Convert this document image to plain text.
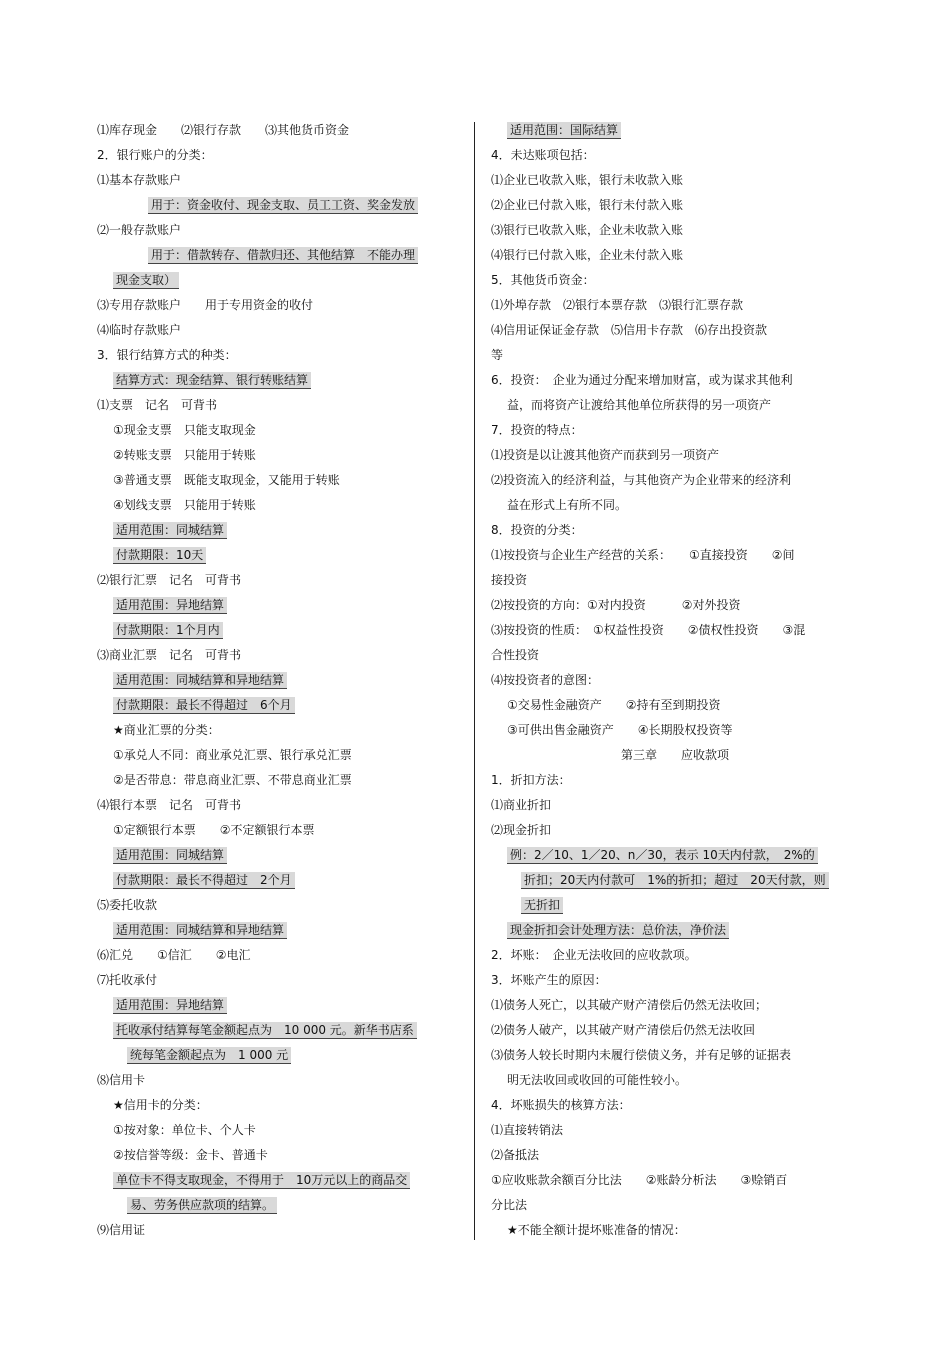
⑴库存现金　　⑵银行存款　　⑶其他货币资金
2．银行账户的分类：
⑴基本存款账户
用于：资金收付、现金支取、员工工资、奖金发放
⑵一般存款账户
用于：借款转存、借款归还、其他结算　不能办理
现金支取）
⑶专用存款账户　　用于专用资金的收付
⑷临时存款账户
3．银行结算方式的种类：
结算方式：现金结算、银行转账结算
⑴支票　记名　可背书
①现金支票　只能支取现金
②转账支票　只能用于转账
③普通支票　既能支取现金，又能用于转账
④划线支票　只能用于转账
适用范围：同城结算
付款期限：10天
⑵银行汇票　记名　可背书
适用范围：异地结算
付款期限：1个月内
⑶商业汇票　记名　可背书
适用范围：同城结算和异地结算
付款期限：最长不得超过　6个月
★商业汇票的分类：
①承兑人不同：商业承兑汇票、银行承兑汇票
②是否带息：带息商业汇票、不带息商业汇票
⑷银行本票　记名　可背书
①定额银行本票　　②不定额银行本票
适用范围：同城结算
付款期限：最长不得超过　2个月
⑸委托收款
适用范围：同城结算和异地结算
⑹汇兑　　①信汇　　②电汇
⑺托收承付
适用范围：异地结算
托收承付结算每笔金额起点为　10 000 元。新华书店系
统每笔金额起点为　1 000 元
⑻信用卡
★信用卡的分类：
①按对象：单位卡、个人卡
②按信誉等级：金卡、普通卡
单位卡不得支取现金，不得用于　10万元以上的商品交
易、劳务供应款项的结算。
⑼信用证
适用范围：国际结算
4．未达账项包括：
⑴企业已收款入账，银行未收款入账
⑵企业已付款入账，银行未付款入账
⑶银行已收款入账，企业未收款入账
⑷银行已付款入账，企业未付款入账
5．其他货币资金：
⑴外埠存款　⑵银行本票存款　⑶银行汇票存款
⑷信用证保证金存款　⑸信用卡存款　⑹存出投资款
等
6．投资：　企业为通过分配来增加财富，或为谋求其他利
益，而将资产让渡给其他单位所获得的另一项资产
7．投资的特点：
⑴投资是以让渡其他资产而获到另一项资产
⑵投资流入的经济利益，与其他资产为企业带来的经济利
益在形式上有所不同。
8．投资的分类：
⑴按投资与企业生产经营的关系：　　①直接投资　　②间
接投资
⑵按投资的方向：①对内投资　　　②对外投资
⑶按投资的性质：　①权益性投资　　②债权性投资　　③混
合性投资
⑷按投资者的意图：
①交易性金融资产　　②持有至到期投资
③可供出售金融资产　　④长期股权投资等
第三章　　应收款项
1．折扣方法：
⑴商业折扣
⑵现金折扣
例：2／10、1／20、n／30，表示 10天内付款，　2%的
折扣；20天内付款可　1%的折扣；超过　20天付款，则
无折扣
现金折扣会计处理方法：总价法，净价法
2．坏账：　企业无法收回的应收款项。
3．坏账产生的原因：
⑴债务人死亡，以其破产财产清偿后仍然无法收回；
⑵债务人破产，以其破产财产清偿后仍然无法收回
⑶债务人较长时期内未履行偿债义务，并有足够的证据表
明无法收回或收回的可能性较小。
4．坏账损失的核算方法：
⑴直接转销法
⑵备抵法
①应收账款余额百分比法　　②账龄分析法　　③赊销百
分比法
★不能全额计提坏账准备的情况：
